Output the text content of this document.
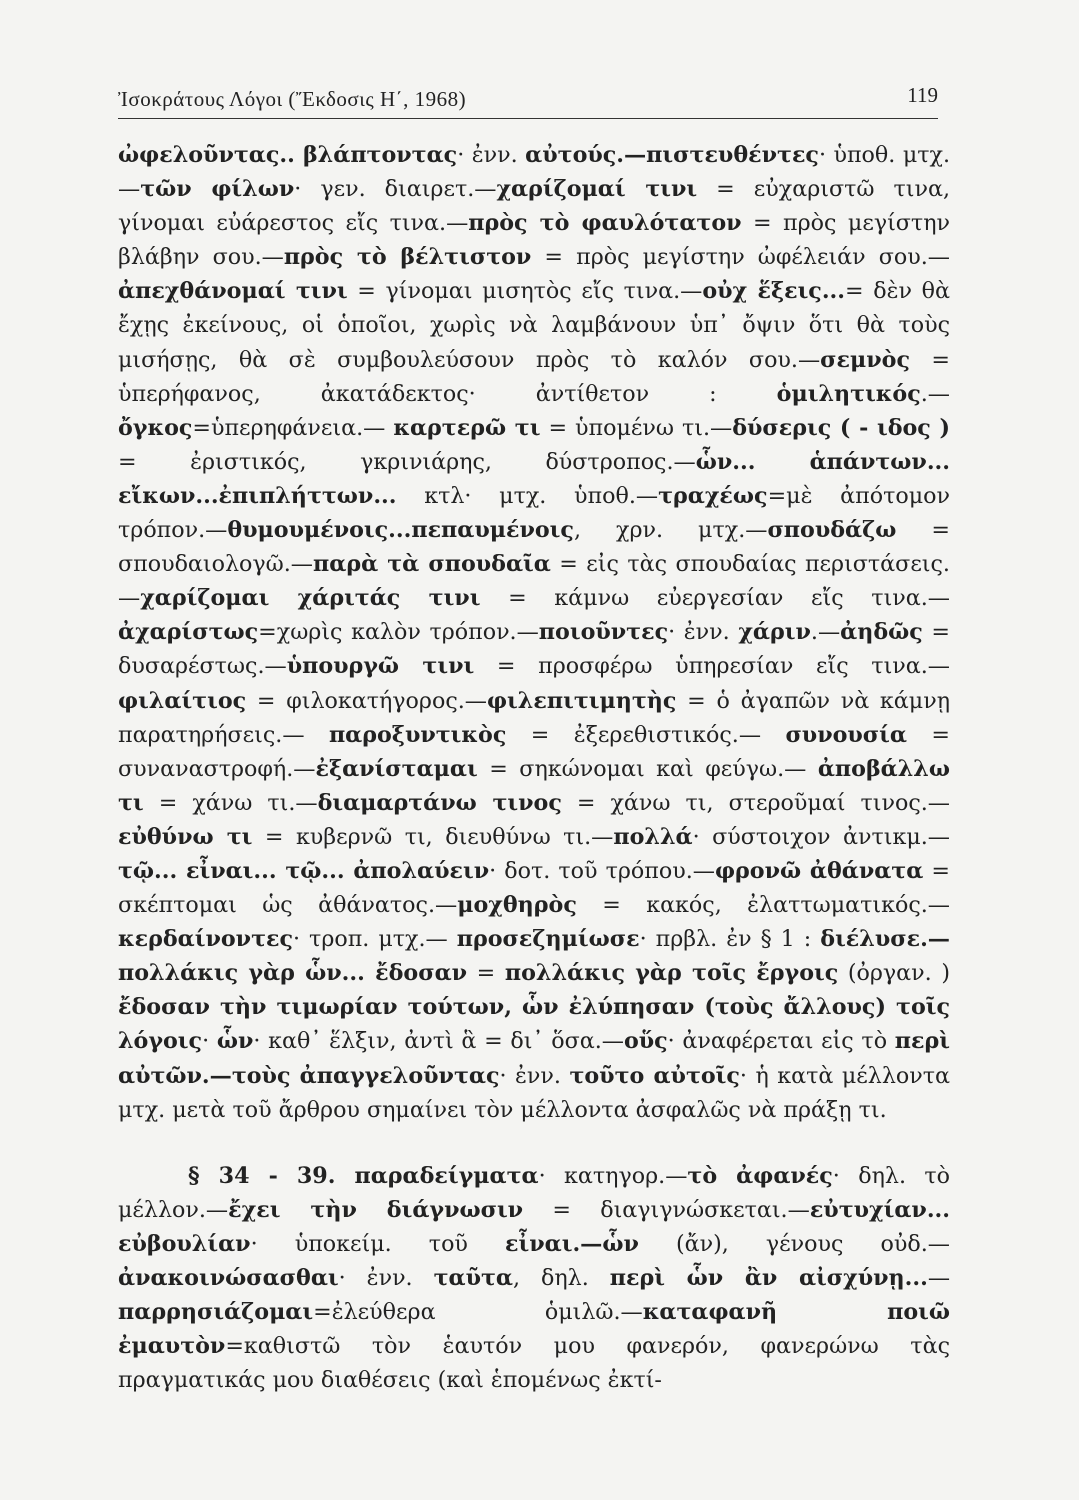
Ἰσοκράτους Λόγοι (Ἔκδοσις Η΄, 1968)	119

ὠφελοῦντας.. βλάπτοντας· ἐνν. αὐτούς.—πιστευθέντες· ὑποθ. μτχ. —τῶν φίλων· γεν. διαιρετ.—χαρίζομαί τινι = εὐχαριστῶ τινα, γίνομαι εὐάρεστος εἴς τινα.—πρὸς τὸ φαυλότατον = πρὸς μεγίστην βλάβην σου.—πρὸς τὸ βέλτιστον = πρὸς μεγίστην ὠφέλειάν σου.—ἀπεχθάνομαί τινι = γίνομαι μισητὸς εἴς τινα.—οὐχ ἕξεις...= δὲν θὰ ἔχῃς ἐκείνους, οἱ ὁποῖοι, χωρὶς νὰ λαμβάνουν ὑπ᾽ ὄψιν ὅτι θὰ τοὺς μισήσῃς, θὰ σὲ συμβουλεύσουν πρὸς τὸ καλόν σου.—σεμνὸς = ὑπερήφανος, ἀκατάδεκτος· ἀντίθετον : ὁμιλητικός.— ὄγκος=ὑπερηφάνεια.— καρτερῶ τι = ὑπομένω τι.—δύσερις ( - ιδος ) = ἐριστικός, γκρινιάρης, δύστροπος.—ὧν... ἁπάντων... εἴκων...ἐπιπλήττων... κτλ· μτχ. ὑποθ.—τραχέως=μὲ ἀπότομον τρόπον.—θυμουμένοις...πεπαυμένοις, χρν. μτχ.—σπουδάζω = σπουδαιολογῶ.—παρὰ τὰ σπουδαῖα = εἰς τὰς σπουδαίας περιστάσεις.—χαρίζομαι χάριτάς τινι = κάμνω εὐεργεσίαν εἴς τινα.—ἀχαρίστως=χωρὶς καλὸν τρόπον.—ποιοῦντες· ἐνν. χάριν.—ἀηδῶς = δυσαρέστως.—ὑπουργῶ τινι = προσφέρω ὑπηρεσίαν εἴς τινα.—φιλαίτιος = φιλοκατήγορος.—φιλεπιτιμητὴς = ὁ ἀγαπῶν νὰ κάμνῃ παρατηρήσεις.— παροξυντικὸς = ἐξερεθιστικός.— συνουσία = συναναστροφή.—ἐξανίσταμαι = σηκώνομαι καὶ φεύγω.— ἀποβάλλω τι = χάνω τι.—διαμαρτάνω τινος = χάνω τι, στεροῦμαί τινος.—εὐθύνω τι = κυβερνῶ τι, διευθύνω τι.—πολλά· σύστοιχον ἀντικμ.—τῷ... εἶναι... τῷ... ἀπολαύειν· δοτ. τοῦ τρόπου.—φρονῶ ἀθάνατα = σκέπτομαι ὡς ἀθάνατος.—μοχθηρὸς = κακός, ἐλαττωματικός.— κερδαίνοντες· τροπ. μτχ.— προσεζημίωσε· πρβλ. ἐν § 1 : διέλυσε.—πολλάκις γὰρ ὧν... ἔδοσαν = πολλάκις γὰρ τοῖς ἔργοις (ὀργαν. ) ἔδοσαν τὴν τιμωρίαν τούτων, ὧν ἐλύπησαν (τοὺς ἄλλους) τοῖς λόγοις· ὧν· καθ᾽ ἕλξιν, ἀντὶ ἃ = δι᾽ ὅσα.—οὕς· ἀναφέρεται εἰς τὸ περὶ αὐτῶν.—τοὺς ἀπαγγελοῦντας· ἐνν. τοῦτο αὐτοῖς· ἡ κατὰ μέλλοντα μτχ. μετὰ τοῦ ἄρθρου σημαίνει τὸν μέλλοντα ἀσφαλῶς νὰ πράξῃ τι.

§ 34 - 39. παραδείγματα· κατηγορ.—τὸ ἀφανές· δηλ. τὸ μέλλον.—ἔχει τὴν διάγνωσιν = διαγιγνώσκεται.—εὐτυχίαν... εὐβουλίαν· ὑποκείμ. τοῦ εἶναι.—ὧν (ἄν), γένους οὐδ.— ἀνακοινώσασθαι· ἐνν. ταῦτα, δηλ. περὶ ὧν ἂν αἰσχύνῃ...— παρρησιάζομαι=ἐλεύθερα ὁμιλῶ.—καταφανῆ ποιῶ ἐμαυτὸν=καθιστῶ τὸν ἑαυτόν μου φανερόν, φανερώνω τὰς πραγματικάς μου διαθέσεις (καὶ ἑπομένως ἐκτί-
